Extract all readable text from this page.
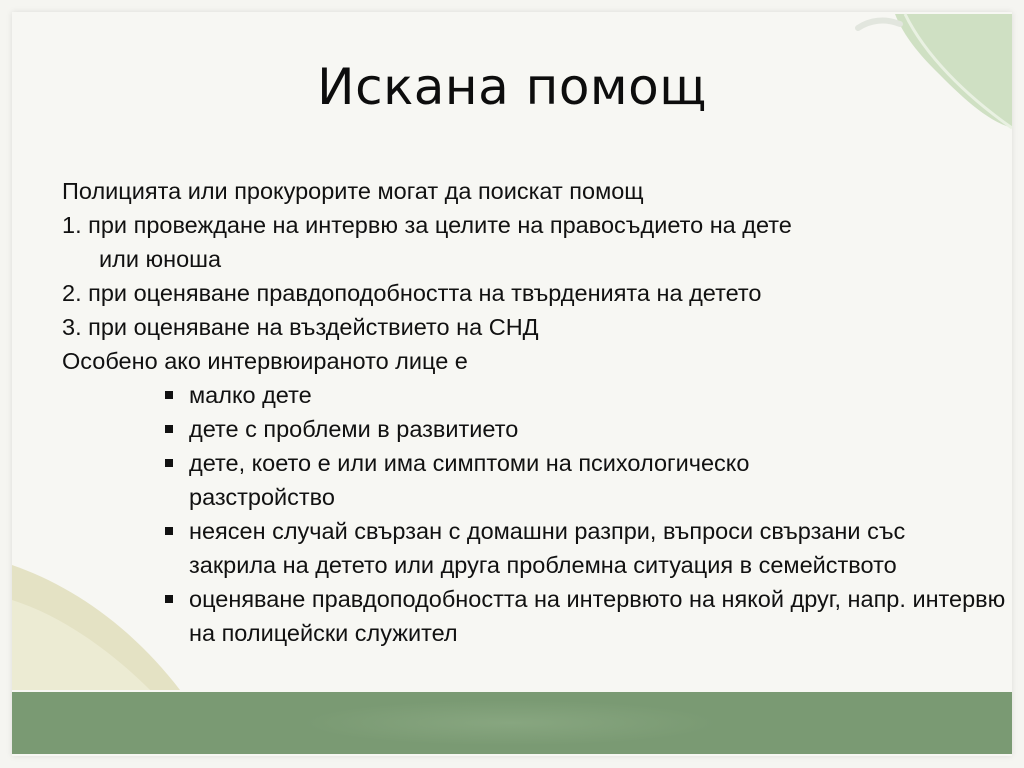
Искана помощ

Полицията или прокурорите могат да поискат помощ

1. при провеждане на интервю за целите на правосъдието на дете
или юноша
2. при оценяване правдоподобността на твърденията на детето
3. при оценяване на въздействието на СНД

Особено ако интервюираното лице е

малко дете
дете с проблеми в развитието
дете, което е или има симптоми на психологическо разстройство
неясен случай свързан с домашни разпри, въпроси свързани със закрила на детето или друга проблемна ситуация в семейството
оценяване правдоподобността на интервюто на някой друг, напр. интервю на полицейски служител
